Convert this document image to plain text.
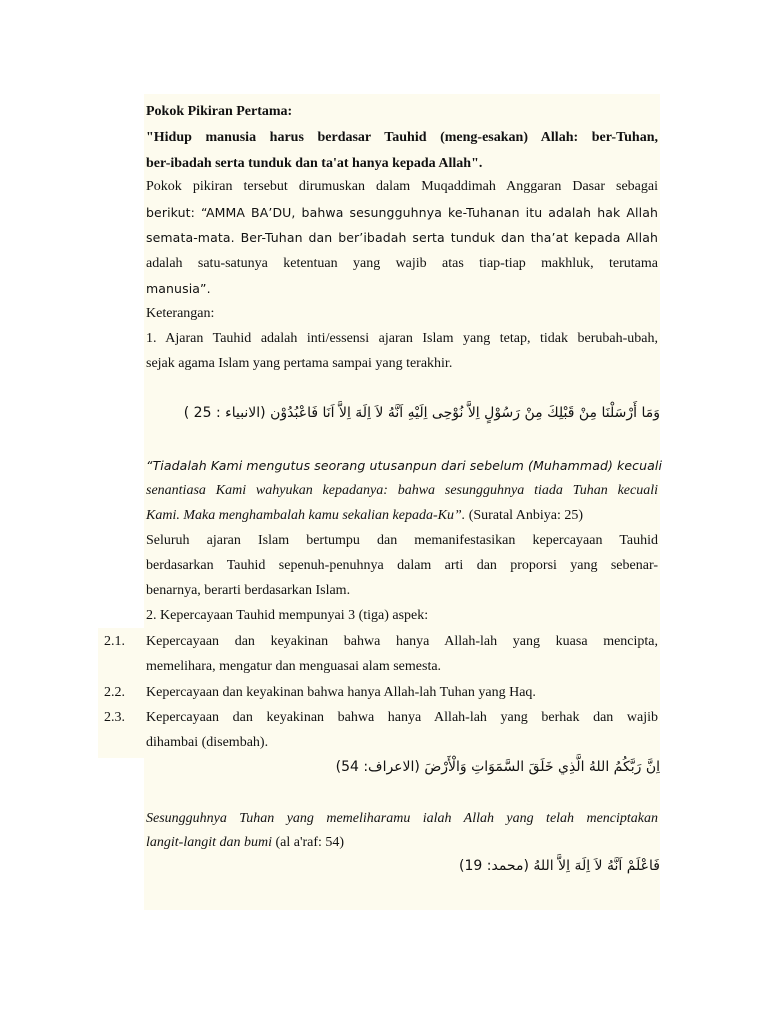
Pokok Pikiran Pertama:
"Hidup manusia harus berdasar Tauhid (meng-esakan) Allah: ber-Tuhan,
ber-ibadah serta tunduk dan ta'at hanya kepada Allah".
Pokok pikiran tersebut dirumuskan dalam Muqaddimah Anggaran Dasar sebagai
berikut: “AMMA BA’DU, bahwa sesungguhnya ke-Tuhanan itu adalah hak Allah
semata-mata. Ber-Tuhan dan ber’ibadah serta tunduk dan tha’at kepada Allah
adalah satu-satunya ketentuan yang wajib atas tiap-tiap makhluk, terutama
manusia”.
Keterangan:
1. Ajaran Tauhid adalah inti/essensi ajaran Islam yang tetap, tidak berubah-ubah,
sejak agama Islam yang pertama sampai yang terakhir.
وَمَا أَرْسَلْنَا مِنْ قَبْلِكَ مِنْ رَسُوْلٍ اِلاَّ نُوْحِى اِلَيْهِ اَنَّهُ لاَ اِلَهَ اِلاَّ اَنَا فَاعْبُدُوْن (الانبياء : 25 )
“Tiadalah Kami mengutus seorang utusanpun dari sebelum (Muhammad) kecuali
senantiasa Kami wahyukan kepadanya: bahwa sesungguhnya tiada Tuhan kecuali
Kami. Maka menghambalah kamu sekalian kepada-Ku”. (Suratal Anbiya: 25)
Seluruh ajaran Islam bertumpu dan memanifestasikan kepercayaan Tauhid
berdasarkan Tauhid sepenuh-penuhnya dalam arti dan proporsi yang sebenar-
benarnya, berarti berdasarkan Islam.
2. Kepercayaan Tauhid mempunyai 3 (tiga) aspek:
2.1. Kepercayaan dan keyakinan bahwa hanya Allah-lah yang kuasa mencipta,
memelihara, mengatur dan menguasai alam semesta.
2.2. Kepercayaan dan keyakinan bahwa hanya Allah-lah Tuhan yang Haq.
2.3. Kepercayaan dan keyakinan bahwa hanya Allah-lah yang berhak dan wajib
dihambai (disembah).
اِنَّ رَبَّكُمُ اللهُ الَّذِي خَلَقَ السَّمَوَاتِ وَالْأَرْضَ (الاعراف: 54)
Sesungguhnya Tuhan yang memeliharamu ialah Allah yang telah menciptakan
langit-langit dan bumi (al a'raf: 54)
فَاعْلَمْ اَنَّهُ لاَ اِلَهَ اِلاَّ اللهُ (محمد: 19)
